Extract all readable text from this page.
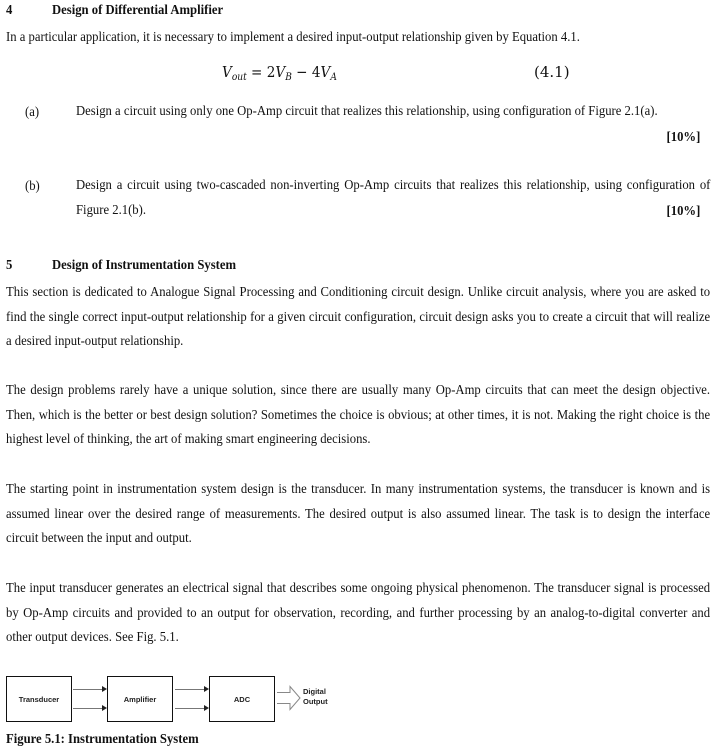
4	Design of Differential Amplifier
In a particular application, it is necessary to implement a desired input-output relationship given by Equation 4.1.
$V_{out} = 2V_B - 4V_A$	(4.1)
(a)	Design a circuit using only one Op-Amp circuit that realizes this relationship, using configuration of Figure 2.1(a).
[10%]
(b)	Design a circuit using two-cascaded non-inverting Op-Amp circuits that realizes this relationship, using configuration of Figure 2.1(b).	[10%]
5	Design of Instrumentation System
This section is dedicated to Analogue Signal Processing and Conditioning circuit design. Unlike circuit analysis, where you are asked to find the single correct input-output relationship for a given circuit configuration, circuit design asks you to create a circuit that will realize a desired input-output relationship.
The design problems rarely have a unique solution, since there are usually many Op-Amp circuits that can meet the design objective. Then, which is the better or best design solution? Sometimes the choice is obvious; at other times, it is not. Making the right choice is the highest level of thinking, the art of making smart engineering decisions.
The starting point in instrumentation system design is the transducer. In many instrumentation systems, the transducer is known and is assumed linear over the desired range of measurements. The desired output is also assumed linear. The task is to design the interface circuit between the input and output.
The input transducer generates an electrical signal that describes some ongoing physical phenomenon. The transducer signal is processed by Op-Amp circuits and provided to an output for observation, recording, and further processing by an analog-to-digital converter and other output devices. See Fig. 5.1.
Transducer	Amplifier	ADC
Digital
Output
Figure 5.1: Instrumentation System
